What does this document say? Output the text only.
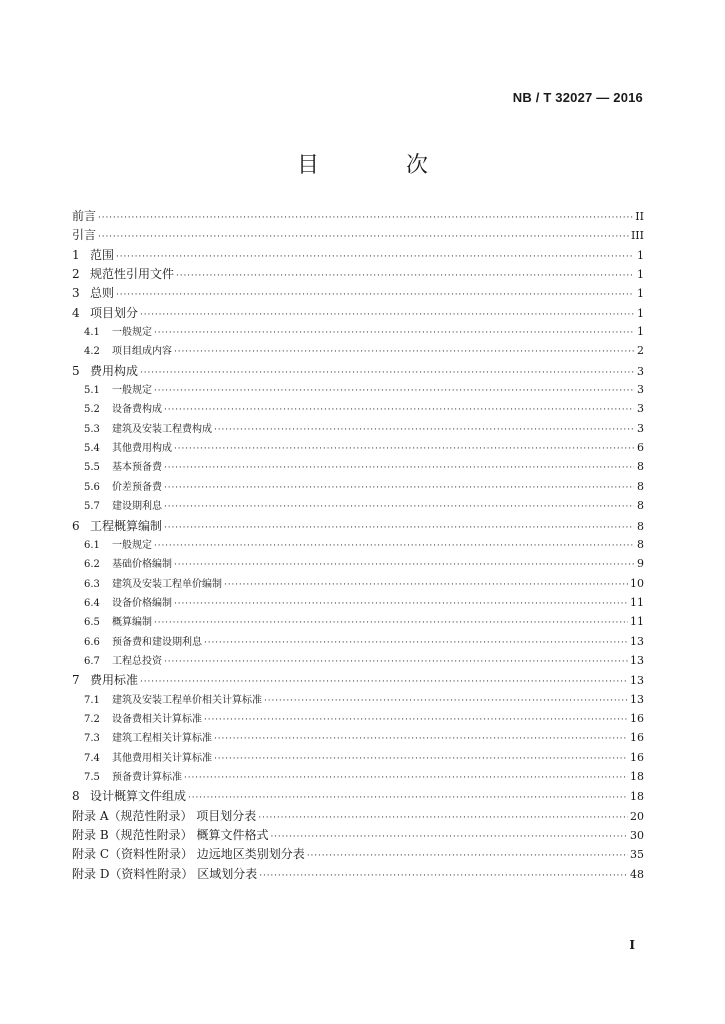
NB / T 32027 — 2016
目 次
前言 · · ·	II
引言 · · ·	III
1 范围 · · ·	1
2 规范性引用文件 · · ·	1
3 总则 · · ·	1
4 项目划分 · · ·	1
4.1	一般规定 · · ·	1
4.2	项目组成内容 · · ·	2
5 费用构成 · · ·	3
5.1	一般规定 · · ·	3
5.2	设备费构成 · · ·	3
5.3	建筑及安装工程费构成 · · ·	3
5.4	其他费用构成 · · ·	6
5.5	基本预备费 · · ·	8
5.6	价差预备费 · · ·	8
5.7	建设期利息 · · ·	8
6 工程概算编制 · · ·	8
6.1	一般规定 · · ·	8
6.2	基础价格编制 · · ·	9
6.3	建筑及安装工程单价编制 · · ·	10
6.4	设备价格编制 · · ·	11
6.5	概算编制 · · ·	11
6.6	预备费和建设期利息 · · ·	13
6.7	工程总投资 · · ·	13
7 费用标准 · · ·	13
7.1	建筑及安装工程单价相关计算标准 · · ·	13
7.2	设备费相关计算标准 · · ·	16
7.3	建筑工程相关计算标准 · · ·	16
7.4	其他费用相关计算标准 · · ·	16
7.5	预备费计算标准 · · ·	18
8 设计概算文件组成 · · ·	18
附录 A（规范性附录） 项目划分表 · · ·	20
附录 B（规范性附录） 概算文件格式 · · ·	30
附录 C（资料性附录） 边远地区类别划分表 · · ·	35
附录 D（资料性附录） 区域划分表 · · ·	48
I
